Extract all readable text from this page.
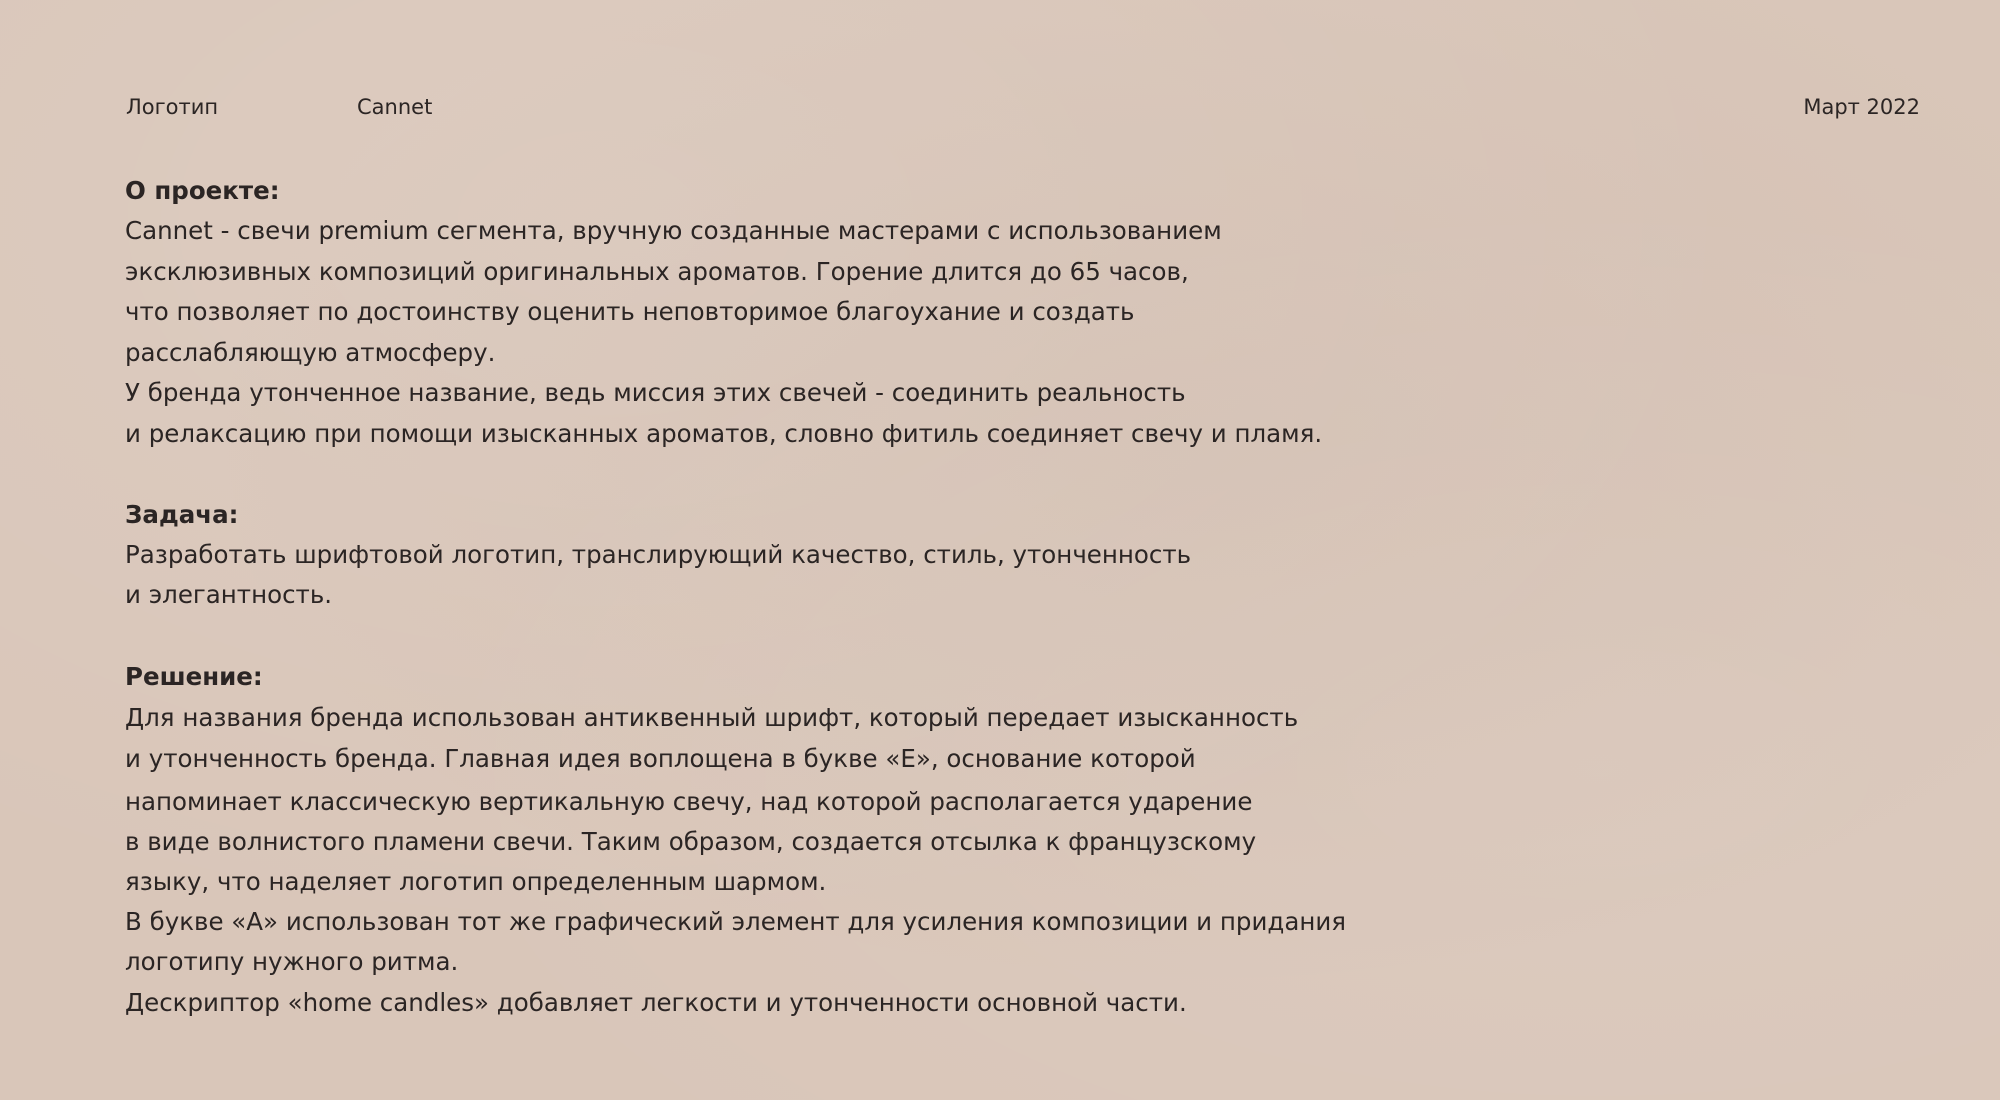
Логотип	Cannet	Март 2022

О проекте:

Cannet - свечи premium сегмента, вручную созданные мастерами с использованием

эксклюзивных композиций оригинальных ароматов. Горение длится до 65 часов,

что позволяет по достоинству оценить неповторимое благоухание и создать

расслабляющую атмосферу.

У бренда утонченное название, ведь миссия этих свечей - соединить реальность

и релаксацию при помощи изысканных ароматов, словно фитиль соединяет свечу и пламя.

Задача:

Разработать шрифтовой логотип, транслирующий качество, стиль, утонченность

и элегантность.

Решение:

Для названия бренда использован антиквенный шрифт, который передает изысканность

и утонченность бренда. Главная идея воплощена в букве «Е», основание которой

напоминает классическую вертикальную свечу, над которой располагается ударение

в виде волнистого пламени свечи. Таким образом, создается отсылка к французскому

языку, что наделяет логотип определенным шармом.

В букве «А» использован тот же графический элемент для усиления композиции и придания

логотипу нужного ритма.

Дескриптор «home candles» добавляет легкости и утонченности основной части.
